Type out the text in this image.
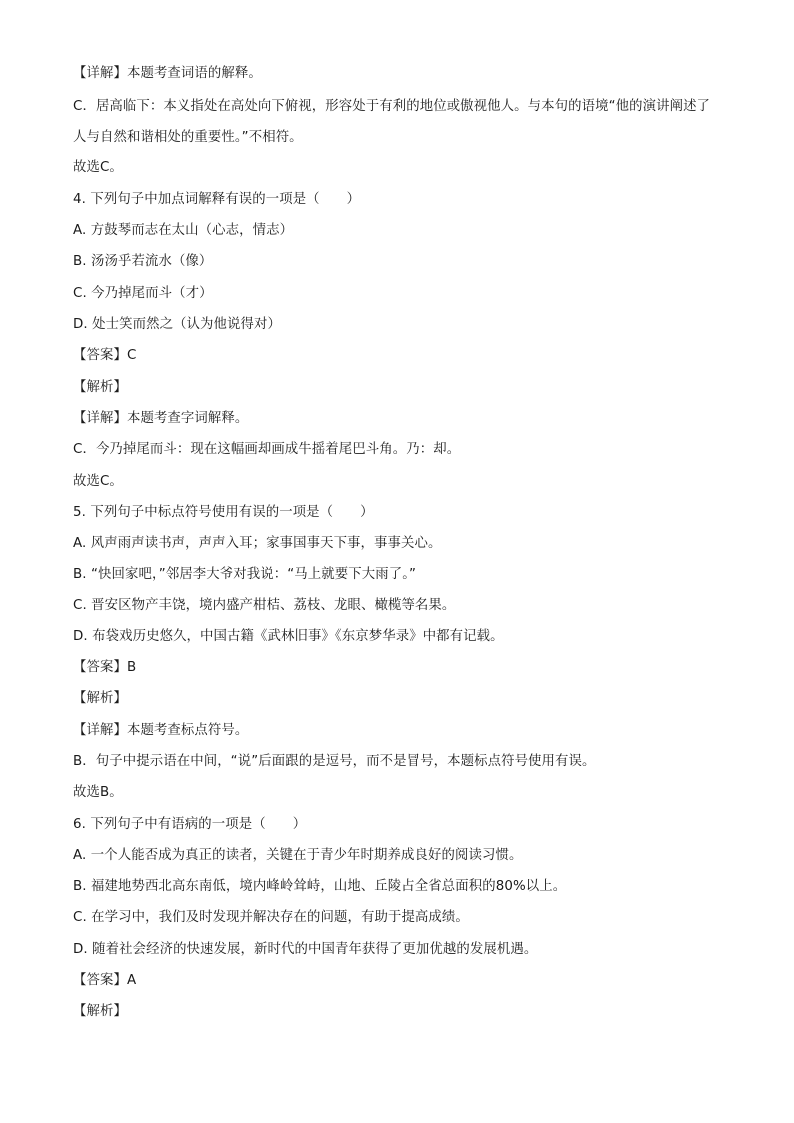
【详解】本题考查词语的解释。
C．居高临下：本义指处在高处向下俯视，形容处于有利的地位或傲视他人。与本句的语境“他的演讲阐述了人与自然和谐相处的重要性。”不相符。
故选C。
4. 下列句子中加点词解释有误的一项是（　　）
A. 方鼓琴而志在太山（心志，情志）
B. 汤汤乎若流水（像）
C. 今乃掉尾而斗（才）
D. 处士笑而然之（认为他说得对）
【答案】C
【解析】
【详解】本题考查字词解释。
C．今乃掉尾而斗：现在这幅画却画成牛摇着尾巴斗角。乃：却。
故选C。
5. 下列句子中标点符号使用有误的一项是（　　）
A. 风声雨声读书声，声声入耳；家事国事天下事，事事关心。
B. “快回家吧，”邻居李大爷对我说：“马上就要下大雨了。”
C. 晋安区物产丰饶，境内盛产柑桔、荔枝、龙眼、橄榄等名果。
D. 布袋戏历史悠久，中国古籍《武林旧事》《东京梦华录》中都有记载。
【答案】B
【解析】
【详解】本题考查标点符号。
B．句子中提示语在中间，“说”后面跟的是逗号，而不是冒号，本题标点符号使用有误。
故选B。
6. 下列句子中有语病的一项是（　　）
A. 一个人能否成为真正的读者，关键在于青少年时期养成良好的阅读习惯。
B. 福建地势西北高东南低，境内峰岭耸峙，山地、丘陵占全省总面积的80%以上。
C. 在学习中，我们及时发现并解决存在的问题，有助于提高成绩。
D. 随着社会经济的快速发展，新时代的中国青年获得了更加优越的发展机遇。
【答案】A
【解析】
